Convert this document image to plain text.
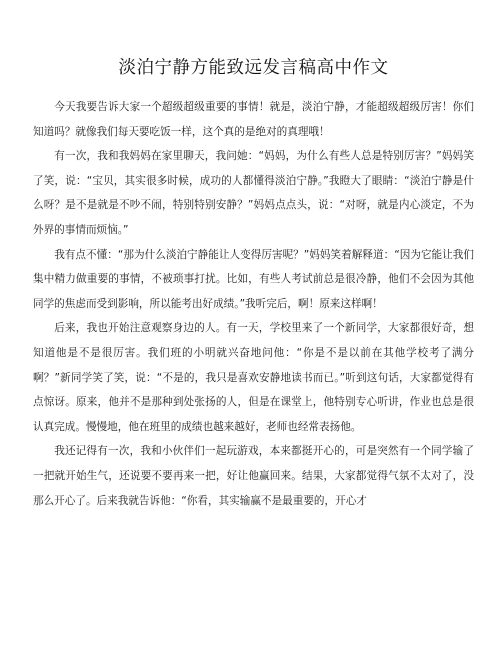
淡泊宁静方能致远发言稿高中作文

今天我要告诉大家一个超级超级重要的事情！就是，淡泊宁静，才能超级超级厉害！你们知道吗？就像我们每天要吃饭一样，这个真的是绝对的真理哦！

有一次，我和我妈妈在家里聊天，我问她：“妈妈，为什么有些人总是特别厉害？”妈妈笑了笑，说：“宝贝，其实很多时候，成功的人都懂得淡泊宁静。”我瞪大了眼睛：“淡泊宁静是什么呀？是不是就是不吵不闹，特别特别安静？”妈妈点点头，说：“对呀，就是内心淡定，不为外界的事情而烦恼。”

我有点不懂：“那为什么淡泊宁静能让人变得厉害呢？”妈妈笑着解释道：“因为它能让我们集中精力做重要的事情，不被琐事打扰。比如，有些人考试前总是很冷静，他们不会因为其他同学的焦虑而受到影响，所以能考出好成绩。”我听完后，啊！原来这样啊！

后来，我也开始注意观察身边的人。有一天，学校里来了一个新同学，大家都很好奇，想知道他是不是很厉害。我们班的小明就兴奋地问他：“你是不是以前在其他学校考了满分啊？”新同学笑了笑，说：“不是的，我只是喜欢安静地读书而已。”听到这句话，大家都觉得有点惊讶。原来，他并不是那种到处张扬的人，但是在课堂上，他特别专心听讲，作业也总是很认真完成。慢慢地，他在班里的成绩也越来越好，老师也经常表扬他。

我还记得有一次，我和小伙伴们一起玩游戏，本来都挺开心的，可是突然有一个同学输了一把就开始生气，还说要不要再来一把，好让他赢回来。结果，大家都觉得气氛不太对了，没那么开心了。后来我就告诉他：“你看，其实输赢不是最重要的，开心才
